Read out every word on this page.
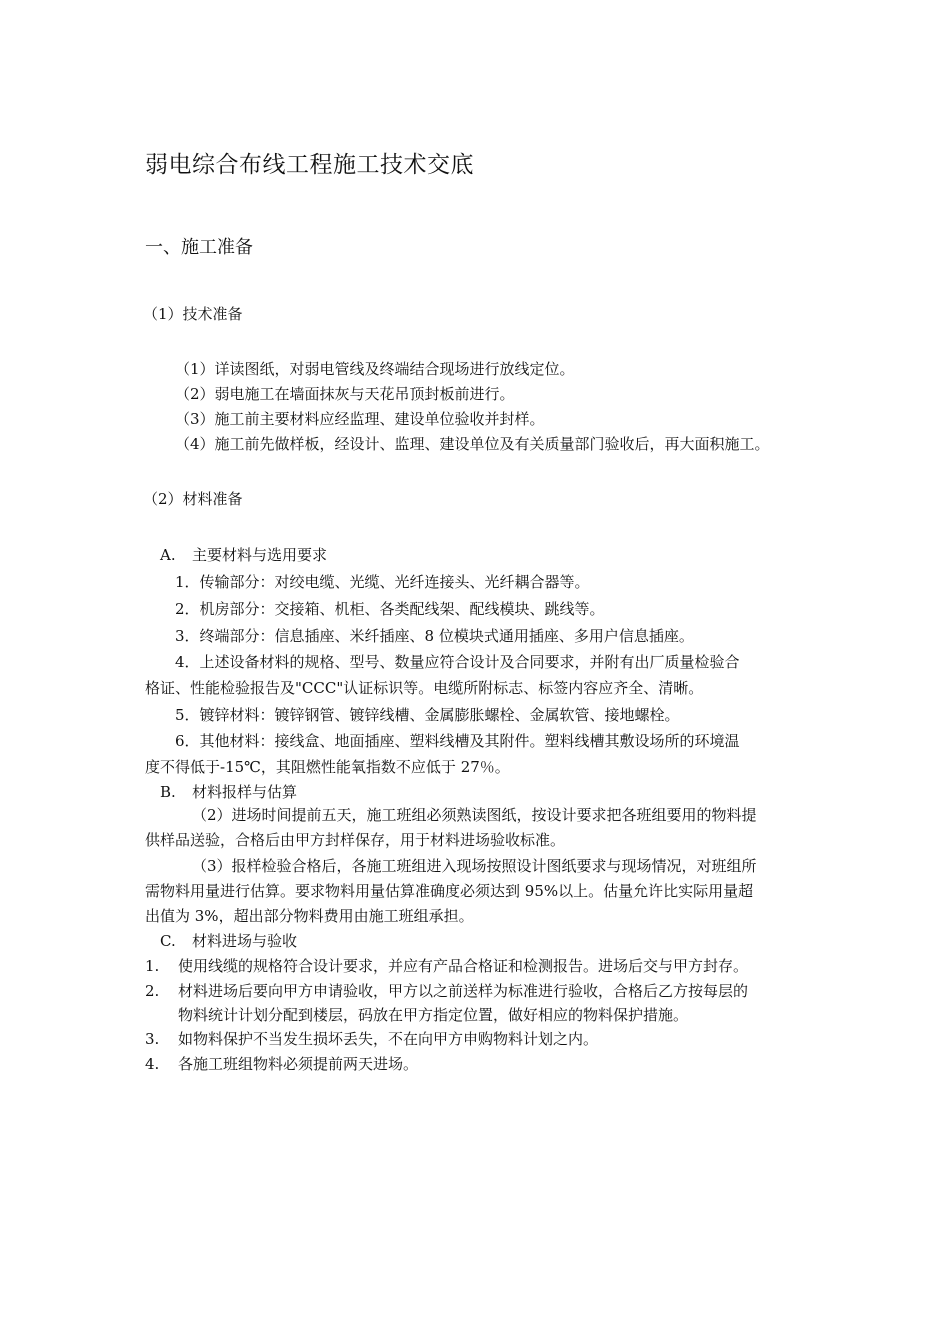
弱电综合布线工程施工技术交底
一、施工准备
（1）技术准备
（1）详读图纸，对弱电管线及终端结合现场进行放线定位。
（2）弱电施工在墙面抹灰与天花吊顶封板前进行。
（3）施工前主要材料应经监理、建设单位验收并封样。
（4）施工前先做样板，经设计、监理、建设单位及有关质量部门验收后，再大面积施工。
（2）材料准备
A. 主要材料与选用要求
1．传输部分：对绞电缆、光缆、光纤连接头、光纤耦合器等。
2．机房部分：交接箱、机柜、各类配线架、配线模块、跳线等。
3．终端部分：信息插座、米纤插座、8 位模块式通用插座、多用户信息插座。
4．上述设备材料的规格、型号、数量应符合设计及合同要求，并附有出厂质量检验合
格证、性能检验报告及"CCC"认证标识等。电缆所附标志、标签内容应齐全、清晰。
5．镀锌材料：镀锌钢管、镀锌线槽、金属膨胀螺栓、金属软管、接地螺栓。
6．其他材料：接线盒、地面插座、塑料线槽及其附件。塑料线槽其敷设场所的环境温
度不得低于-15℃，其阻燃性能氧指数不应低于 27％。
B. 材料报样与估算
（2）进场时间提前五天，施工班组必须熟读图纸，按设计要求把各班组要用的物料提
供样品送验，合格后由甲方封样保存，用于材料进场验收标准。
（3）报样检验合格后，各施工班组进入现场按照设计图纸要求与现场情况，对班组所
需物料用量进行估算。要求物料用量估算准确度必须达到 95%以上。估量允许比实际用量超
出值为 3%，超出部分物料费用由施工班组承担。
C. 材料进场与验收
1. 使用线缆的规格符合设计要求，并应有产品合格证和检测报告。进场后交与甲方封存。
2. 材料进场后要向甲方申请验收，甲方以之前送样为标准进行验收，合格后乙方按每层的
物料统计计划分配到楼层，码放在甲方指定位置，做好相应的物料保护措施。
3. 如物料保护不当发生损坏丢失，不在向甲方申购物料计划之内。
4. 各施工班组物料必须提前两天进场。
